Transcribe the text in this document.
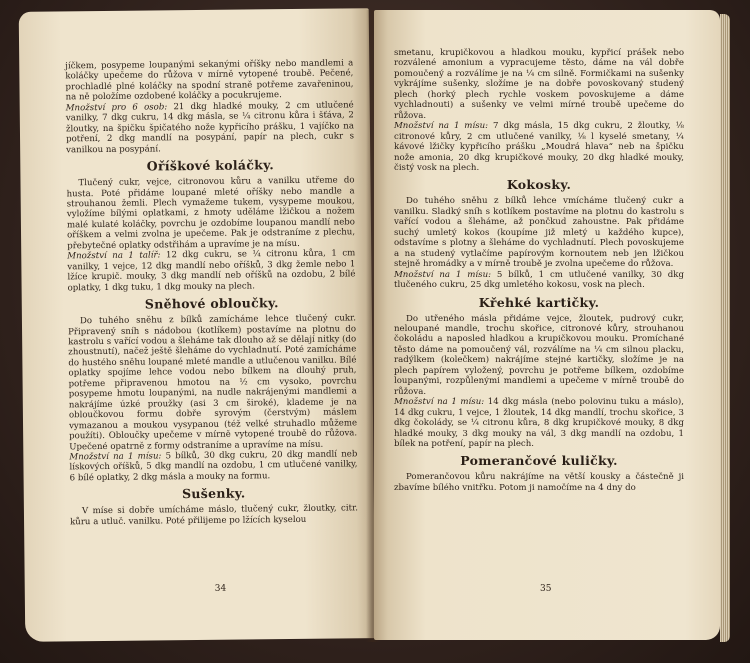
jíčkem, posypeme loupanými sekanými oříšky nebo mandlemi a koláčky upečeme do růžova v mírně vytopené troubě. Pečené, prochladlé plné koláčky na spodní straně potřeme zavařeninou, na ně položíme ozdobené koláčky a pocukrujeme.

Množství pro 6 osob: 21 dkg hladké mouky, 2 cm utlučené vanilky, 7 dkg cukru, 14 dkg másla, se ¼ citronu kůra i šťáva, 2 žloutky, na špičku špičatého nože kypřicího prášku, 1 vajíčko na potření, 2 dkg mandlí na posypání, papír na plech, cukr s vanilkou na posypání.

Oříškové koláčky.

Tlučený cukr, vejce, citronovou kůru a vanilku utřeme do husta. Poté přidáme loupané mleté oříšky nebo mandle a strouhanou žemli. Plech vymažeme tukem, vysypeme moukou, vyložíme bílými oplatkami, z hmoty uděláme lžičkou a nožem malé kulaté koláčky, povrchu je ozdobíme loupanou mandlí nebo oříškem a velmi zvolna je upečeme. Pak je odstraníme z plechu, přebytečné oplatky odstřihám a upravíme je na mísu.

Množství na 1 talíř: 12 dkg cukru, se ¼ citronu kůra, 1 cm vanilky, 1 vejce, 12 dkg mandlí nebo oříšků, 3 dkg žemle nebo 1 lžíce krupič. mouky, 3 dkg mandlí neb oříšků na ozdobu, 2 bílé oplatky, 1 dkg tuku, 1 dkg mouky na plech.

Sněhové obloučky.

Do tuhého sněhu z bílků zamícháme lehce tlučený cukr. Připravený sníh s nádobou (kotlíkem) postavíme na plotnu do kastrolu s vařící vodou a šleháme tak dlouho až se dělají nitky (do zhoustnutí), načež ještě šleháme do vychladnutí. Poté zamícháme do hustého sněhu loupané mleté mandle a utlučenou vanilku. Bílé oplatky spojíme lehce vodou nebo bílkem na dlouhý pruh, potřeme připravenou hmotou na ½ cm vysoko, povrchu posypeme hmotu loupanými, na nudle nakrájenými mandlemi a nakrájíme úzké proužky (asi 3 cm široké), klademe je na obloučkovou formu dobře syrovým (čerstvým) máslem vymazanou a moukou vysypanou (též velké struhadlo můžeme použíti). Obloučky upečeme v mírně vytopené troubě do růžova. Upečené opatrně z formy odstraníme a upravíme na mísu.

Množství na 1 mísu: 5 bílků, 30 dkg cukru, 20 dkg mandlí neb lískových oříšků, 5 dkg mandlí na ozdobu, 1 cm utlučené vanilky, 6 bílé oplatky, 2 dkg másla a mouky na formu.

Sušenky.

V míse si dobře umícháme máslo, tlučený cukr, žloutky, citr. kůru a utluč. vanilku. Poté přilijeme po lžících kyselou

34

smetanu, krupičkovou a hladkou mouku, kypřicí prášek nebo rozválené amonium a vypracujeme těsto, dáme na vál dobře pomoučený a rozválíme je na ¼ cm silně. Formičkami na sušenky vykrájíme sušenky, složíme je na dobře povoskovaný studený plech (horký plech rychle voskem povoskujeme a dáme vychladnouti) a sušenky ve velmi mírné troubě upečeme do růžova.

Množství na 1 mísu: 7 dkg másla, 15 dkg cukru, 2 žloutky, ⅛ citronové kůry, 2 cm utlučené vanilky, ⅛ l kyselé smetany, ¼ kávové lžičky kypřicího prášku „Moudrá hlava“ neb na špičku nože amonia, 20 dkg krupičkové mouky, 20 dkg hladké mouky, čistý vosk na plech.

Kokosky.

Do tuhého sněhu z bílků lehce vmícháme tlučený cukr a vanilku. Sladký sníh s kotlíkem postavíme na plotnu do kastrolu s vařící vodou a šleháme, až pončkud zahoustne. Pak přidáme suchý umletý kokos (koupíme již mletý u každého kupce), odstavíme s plotny a šleháme do vychladnutí. Plech povoskujeme a na studený vytlačíme papírovým kornoutem neb jen lžičkou stejně hromádky a v mírně troubě je zvolna upečeme do růžova.

Množství na 1 mísu: 5 bílků, 1 cm utlučené vanilky, 30 dkg tlučeného cukru, 25 dkg umletého kokosu, vosk na plech.

Křehké kartičky.

Do utřeného másla přidáme vejce, žloutek, pudrový cukr, neloupané mandle, trochu skořice, citronové kůry, strouhanou čokoládu a naposled hladkou a krupičkovou mouku. Promíchané těsto dáme na pomoučený vál, rozválíme na ¼ cm silnou placku, radýlkem (kolečkem) nakrájíme stejné kartičky, složíme je na plech papírem vyložený, povrchu je potřeme bílkem, ozdobíme loupanými, rozpůlenými mandlemi a upečeme v mírně troubě do růžova.

Množství na 1 mísu: 14 dkg másla (nebo polovinu tuku a máslo), 14 dkg cukru, 1 vejce, 1 žloutek, 14 dkg mandlí, trochu skořice, 3 dkg čokolády, se ¼ citronu kůra, 8 dkg krupičkové mouky, 8 dkg hladké mouky, 3 dkg mouky na vál, 3 dkg mandlí na ozdobu, 1 bílek na potření, papír na plech.

Pomerančové kuličky.

Pomerančovou kůru nakrájíme na větší kousky a částečně ji zbavíme bílého vnitřku. Potom ji namočíme na 4 dny do

35
